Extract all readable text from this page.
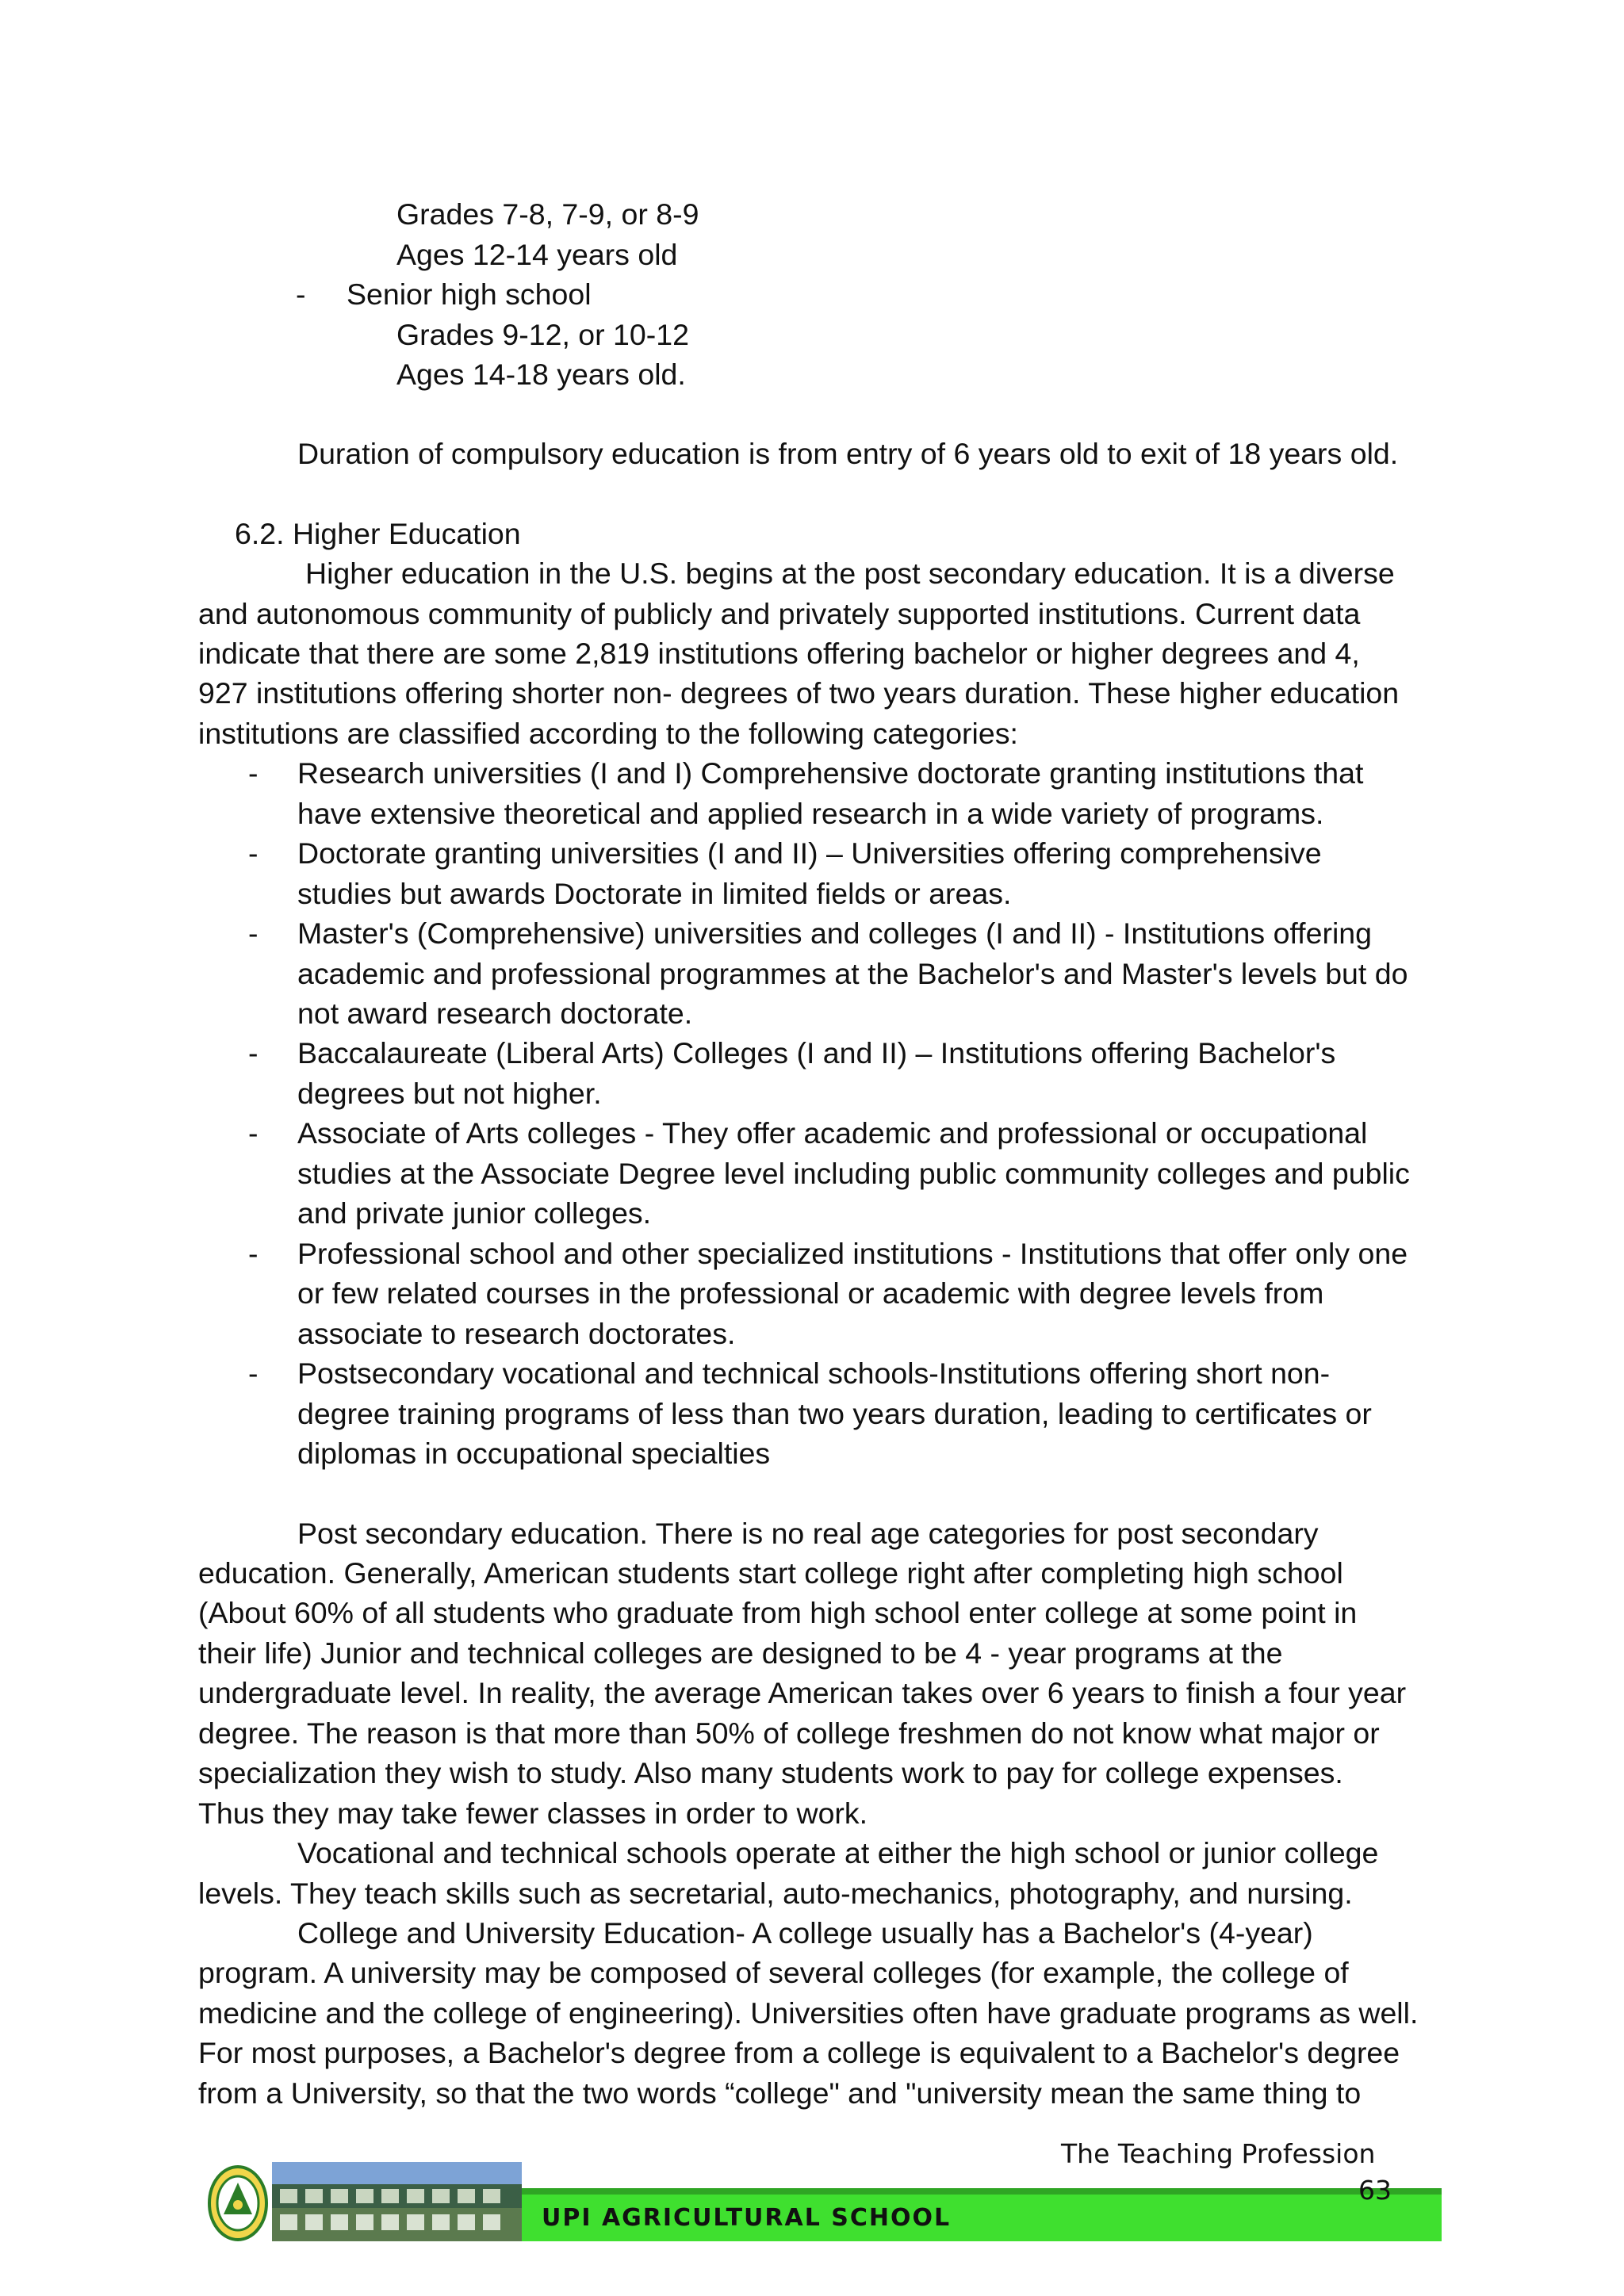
Grades 7-8, 7-9, or 8-9
Ages 12-14 years old
- Senior high school
Grades 9-12, or 10-12
Ages 14-18 years old.
Duration of compulsory education is from entry of 6 years old to exit of 18 years old.
6.2. Higher Education
Higher education in the U.S. begins at the post secondary education. It is a diverse
and autonomous community of publicly and privately supported institutions. Current data
indicate that there are some 2,819 institutions offering bachelor or higher degrees and 4,
927 institutions offering shorter non- degrees of two years duration. These higher education
institutions are classified according to the following categories:
- Research universities (I and I) Comprehensive doctorate granting institutions that
have extensive theoretical and applied research in a wide variety of programs.
- Doctorate granting universities (I and II) – Universities offering comprehensive
studies but awards Doctorate in limited fields or areas.
- Master's (Comprehensive) universities and colleges (I and II) - Institutions offering
academic and professional programmes at the Bachelor's and Master's levels but do
not award research doctorate.
- Baccalaureate (Liberal Arts) Colleges (I and II) – Institutions offering Bachelor's
degrees but not higher.
- Associate of Arts colleges - They offer academic and professional or occupational
studies at the Associate Degree level including public community colleges and public
and private junior colleges.
- Professional school and other specialized institutions - Institutions that offer only one
or few related courses in the professional or academic with degree levels from
associate to research doctorates.
- Postsecondary vocational and technical schools-Institutions offering short non-
degree training programs of less than two years duration, leading to certificates or
diplomas in occupational specialties
Post secondary education. There is no real age categories for post secondary
education. Generally, American students start college right after completing high school
(About 60% of all students who graduate from high school enter college at some point in
their life) Junior and technical colleges are designed to be 4 - year programs at the
undergraduate level. In reality, the average American takes over 6 years to finish a four year
degree. The reason is that more than 50% of college freshmen do not know what major or
specialization they wish to study. Also many students work to pay for college expenses.
Thus they may take fewer classes in order to work.
Vocational and technical schools operate at either the high school or junior college
levels. They teach skills such as secretarial, auto-mechanics, photography, and nursing.
College and University Education- A college usually has a Bachelor's (4-year)
program. A university may be composed of several colleges (for example, the college of
medicine and the college of engineering). Universities often have graduate programs as well.
For most purposes, a Bachelor's degree from a college is equivalent to a Bachelor's degree
from a University, so that the two words “college" and "university mean the same thing to
The Teaching Profession
UPI AGRICULTURAL SCHOOL
63
